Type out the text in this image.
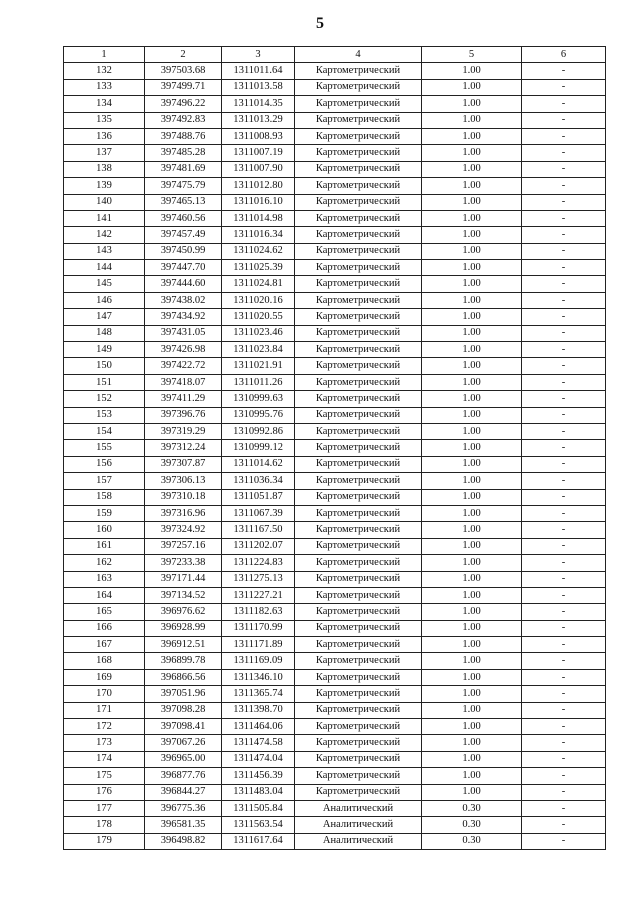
5
1	2	3	4	5	6
132	397503.68	1311011.64	Картометрический	1.00	-
133	397499.71	1311013.58	Картометрический	1.00	-
134	397496.22	1311014.35	Картометрический	1.00	-
135	397492.83	1311013.29	Картометрический	1.00	-
136	397488.76	1311008.93	Картометрический	1.00	-
137	397485.28	1311007.19	Картометрический	1.00	-
138	397481.69	1311007.90	Картометрический	1.00	-
139	397475.79	1311012.80	Картометрический	1.00	-
140	397465.13	1311016.10	Картометрический	1.00	-
141	397460.56	1311014.98	Картометрический	1.00	-
142	397457.49	1311016.34	Картометрический	1.00	-
143	397450.99	1311024.62	Картометрический	1.00	-
144	397447.70	1311025.39	Картометрический	1.00	-
145	397444.60	1311024.81	Картометрический	1.00	-
146	397438.02	1311020.16	Картометрический	1.00	-
147	397434.92	1311020.55	Картометрический	1.00	-
148	397431.05	1311023.46	Картометрический	1.00	-
149	397426.98	1311023.84	Картометрический	1.00	-
150	397422.72	1311021.91	Картометрический	1.00	-
151	397418.07	1311011.26	Картометрический	1.00	-
152	397411.29	1310999.63	Картометрический	1.00	-
153	397396.76	1310995.76	Картометрический	1.00	-
154	397319.29	1310992.86	Картометрический	1.00	-
155	397312.24	1310999.12	Картометрический	1.00	-
156	397307.87	1311014.62	Картометрический	1.00	-
157	397306.13	1311036.34	Картометрический	1.00	-
158	397310.18	1311051.87	Картометрический	1.00	-
159	397316.96	1311067.39	Картометрический	1.00	-
160	397324.92	1311167.50	Картометрический	1.00	-
161	397257.16	1311202.07	Картометрический	1.00	-
162	397233.38	1311224.83	Картометрический	1.00	-
163	397171.44	1311275.13	Картометрический	1.00	-
164	397134.52	1311227.21	Картометрический	1.00	-
165	396976.62	1311182.63	Картометрический	1.00	-
166	396928.99	1311170.99	Картометрический	1.00	-
167	396912.51	1311171.89	Картометрический	1.00	-
168	396899.78	1311169.09	Картометрический	1.00	-
169	396866.56	1311346.10	Картометрический	1.00	-
170	397051.96	1311365.74	Картометрический	1.00	-
171	397098.28	1311398.70	Картометрический	1.00	-
172	397098.41	1311464.06	Картометрический	1.00	-
173	397067.26	1311474.58	Картометрический	1.00	-
174	396965.00	1311474.04	Картометрический	1.00	-
175	396877.76	1311456.39	Картометрический	1.00	-
176	396844.27	1311483.04	Картометрический	1.00	-
177	396775.36	1311505.84	Аналитический	0.30	-
178	396581.35	1311563.54	Аналитический	0.30	-
179	396498.82	1311617.64	Аналитический	0.30	-
